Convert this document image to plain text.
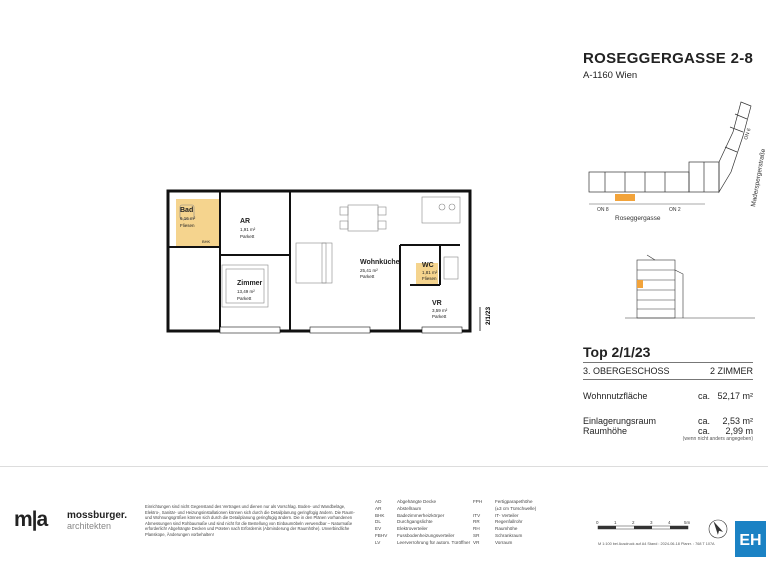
ROSEGGERGASSE 2-8
A-1160 Wien
ON 8	ON 2
ON 6
Roseggergasse
Maderspergerstraße
Top 2/1/23
3. OBERGESCHOSS	2 ZIMMER
Wohnnutzfläche	ca. 52,17 m²
Einlagerungsraum	ca. 2,53 m²
Raumhöhe	ca. 2,99 m
(wenn nicht anders angegeben)
Bad
6,16 m²
Fliesen
AR
1,91 m²
Parkett
Wohnküche
25,41 m²
Parkett
Zimmer
13,49 m²
Parkett
WC
1,81 m²
Fliesen
VR
3,59 m²
Parkett
BHK
2/1/23
m|a mossburger.
architekten
Einrichtungen sind nicht Gegenstand des Vertrages und dienen nur als Vorschlag. Boden- und Wandbeläge, Elektro-, Sanitär- und Heizungsinstallationen können sich durch die Detailplanung geringfügig ändern. Die Raum- und Wohnungsgrößen können sich durch die Detailplanung geringfügig ändern. Die in den Plänen vorhandenen Abmessungen sind Rohbaumaße und sind nicht für die Bestellung von Einbaumöbeln verwendbar – Naturmaße erforderlich! Abgehängte Decken und Poteten nach Erfordernis (Abminderung der Raumhöhe). Unverbindliche Planskope, Änderungen vorbehalten!
AD	Abgehängte Decke
AR	Abstellraum
BHK	Badezimmerheizkörper
DL	Durchgangslichte
EV	Elektroverteiler
FBHV Fussbodenheizungsverteiler
LV	Leerverrohrung für autom. Türöffner
FPH	Fertigparapethöhe
(±3 cm Türschwelle)
ITV	IT- Verteiler
RR	Regenfallrohr
RH	Raumhöhe
SR	Schrankraum
VR	Vorraum
0	1	2	3	4	5m
M 1:100 bei Ausdruck auf A4 Stand : 2024-06-18 Planrr. : 768 T 107A EH
